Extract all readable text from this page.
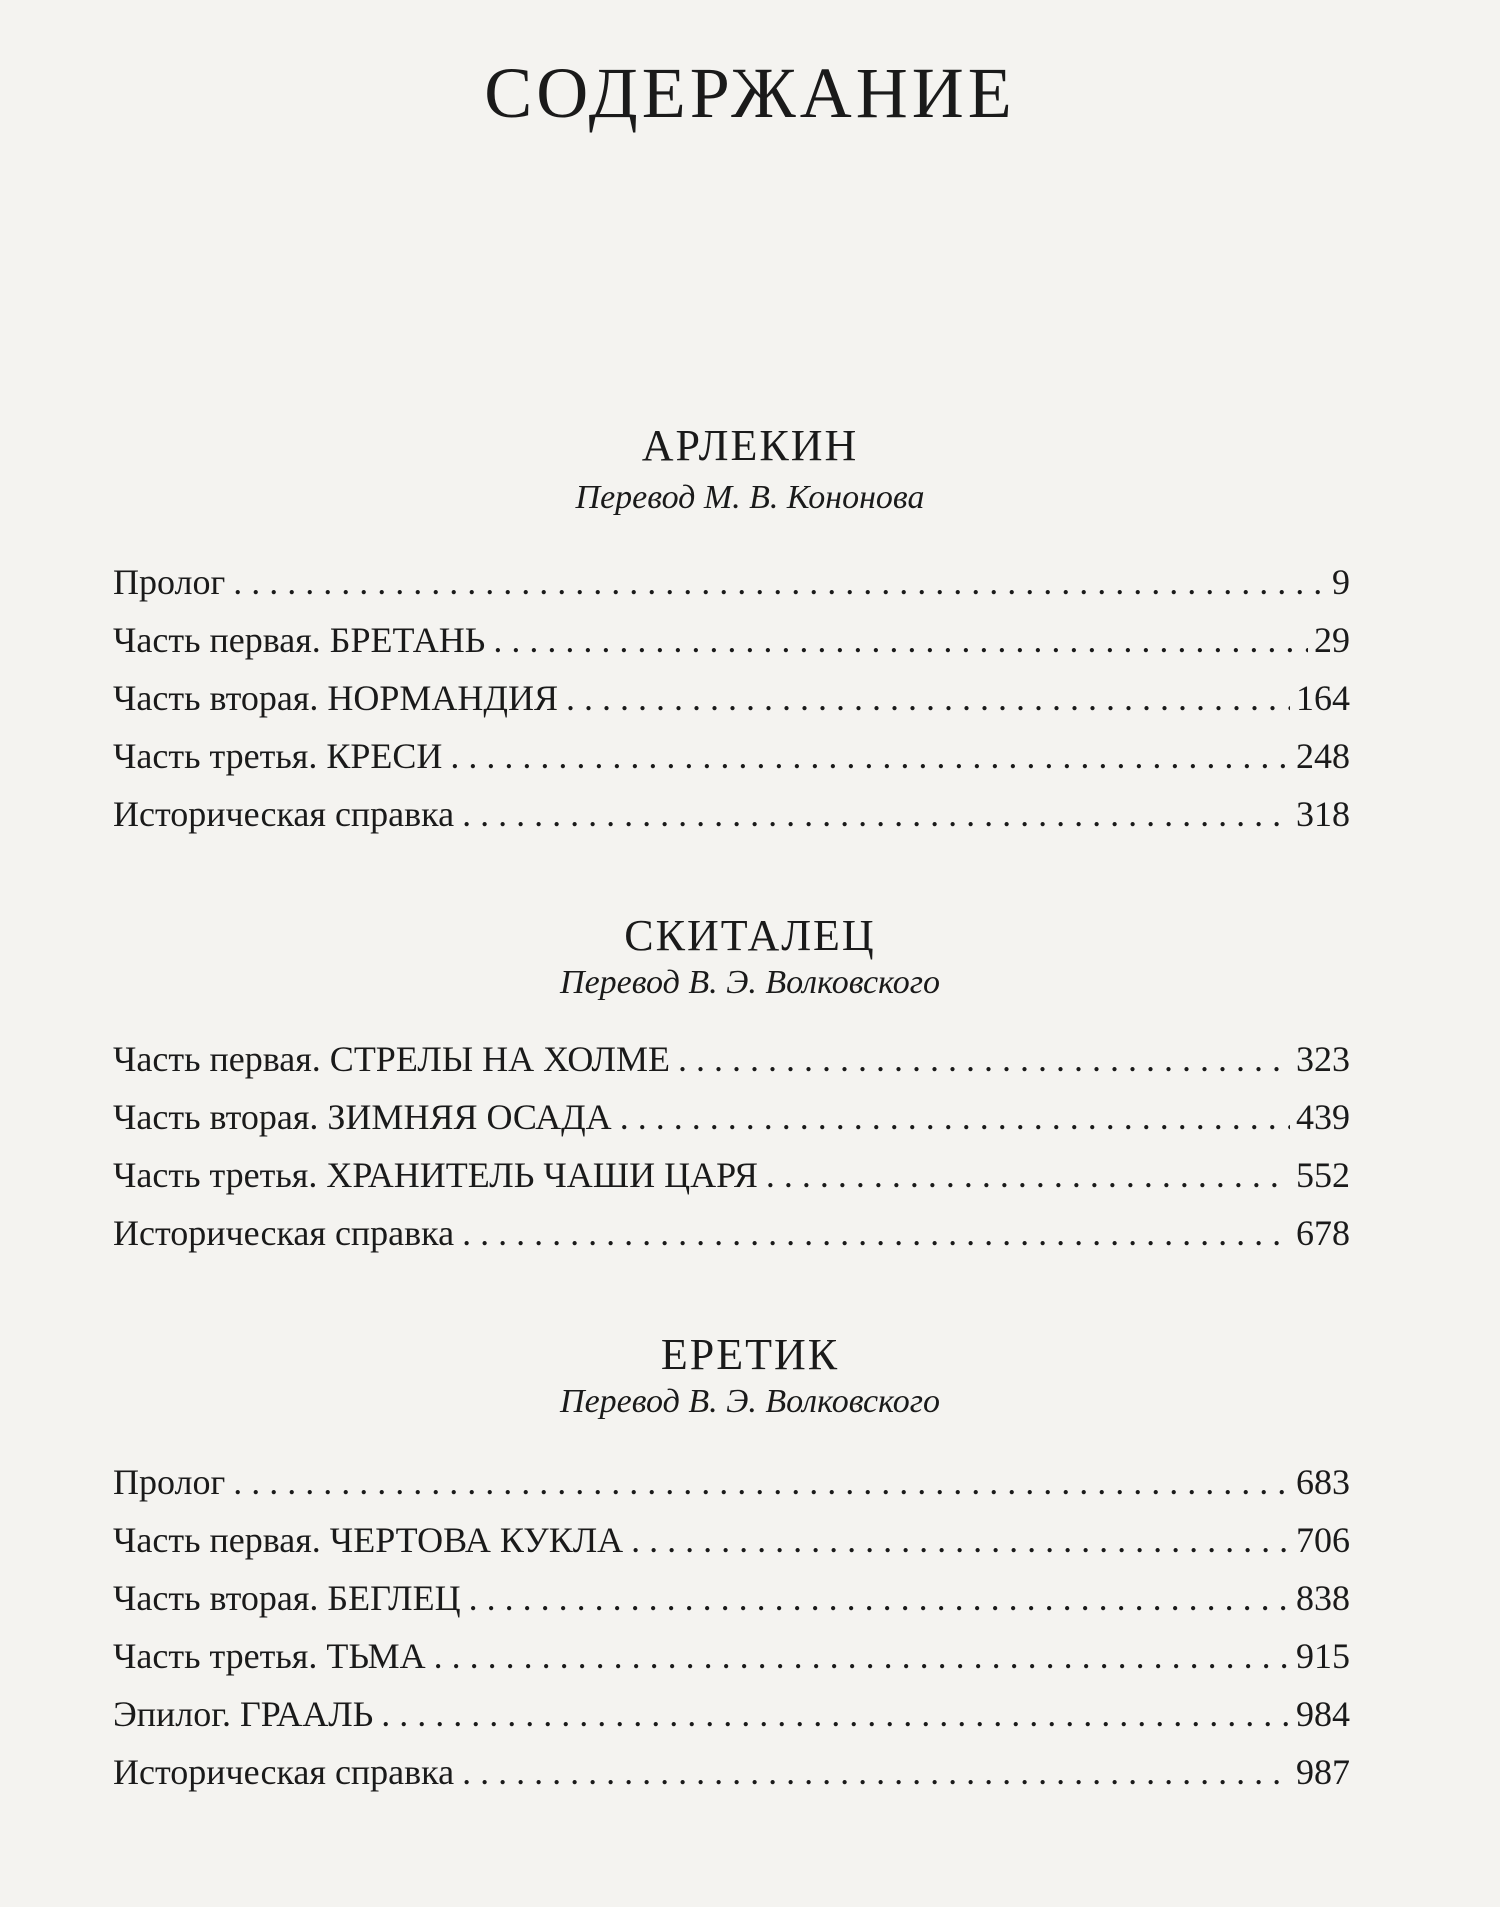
СОДЕРЖАНИЕ
АРЛЕКИН

Перевод М. В. Кононова

Пролог . . .	9
Часть первая. БРЕТАНЬ . . .	29
Часть вторая. НОРМАНДИЯ . . .	164
Часть третья. КРЕСИ . . .	248
Историческая справка . . .	318
СКИТАЛЕЦ

Перевод В. Э. Волковского

Часть первая. СТРЕЛЫ НА ХОЛМЕ . . .	323
Часть вторая. ЗИМНЯЯ ОСАДА . . .	439
Часть третья. ХРАНИТЕЛЬ ЧАШИ ЦАРЯ . . .	552
Историческая справка . . .	678
ЕРЕТИК

Перевод В. Э. Волковского

Пролог . . .	683
Часть первая. ЧЕРТОВА КУКЛА . . .	706
Часть вторая. БЕГЛЕЦ . . .	838
Часть третья. ТЬМА . . .	915
Эпилог. ГРААЛЬ . . .	984
Историческая справка . . .	987
